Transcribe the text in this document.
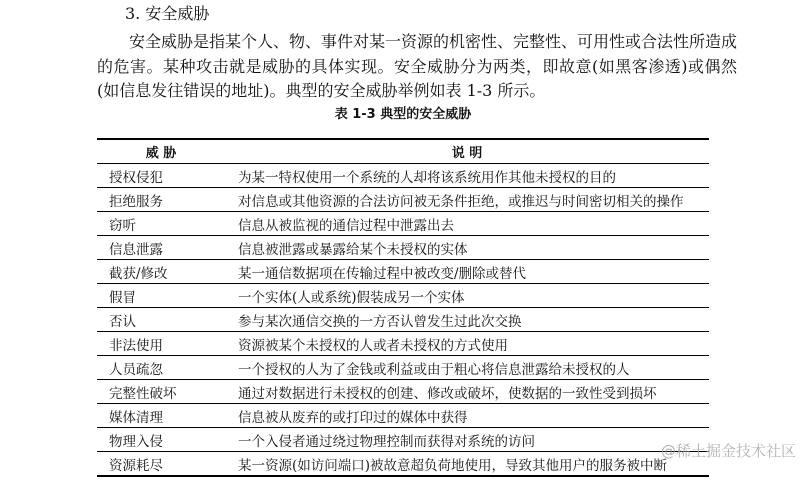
3. 安全威胁

安全威胁是指某个人、物、事件对某一资源的机密性、完整性、可用性或合法性所造成的危害。某种攻击就是威胁的具体实现。安全威胁分为两类，即故意(如黑客渗透)或偶然(如信息发往错误的地址)。典型的安全威胁举例如表 1-3 所示。

表 1-3 典型的安全威胁
威 胁	说 明
授权侵犯	为某一特权使用一个系统的人却将该系统用作其他未授权的目的
拒绝服务	对信息或其他资源的合法访问被无条件拒绝，或推迟与时间密切相关的操作
窃听	信息从被监视的通信过程中泄露出去
信息泄露	信息被泄露或暴露给某个未授权的实体
截获/修改	某一通信数据项在传输过程中被改变/删除或替代
假冒	一个实体(人或系统)假装成另一个实体
否认	参与某次通信交换的一方否认曾发生过此次交换
非法使用	资源被某个未授权的人或者未授权的方式使用
人员疏忽	一个授权的人为了金钱或利益或由于粗心将信息泄露给未授权的人
完整性破坏	通过对数据进行未授权的创建、修改或破坏，使数据的一致性受到损坏
媒体清理	信息被从废弃的或打印过的媒体中获得
物理入侵	一个入侵者通过绕过物理控制而获得对系统的访问
资源耗尽	某一资源(如访问端口)被故意超负荷地使用，导致其他用户的服务被中断
@稀土掘金技术社区
